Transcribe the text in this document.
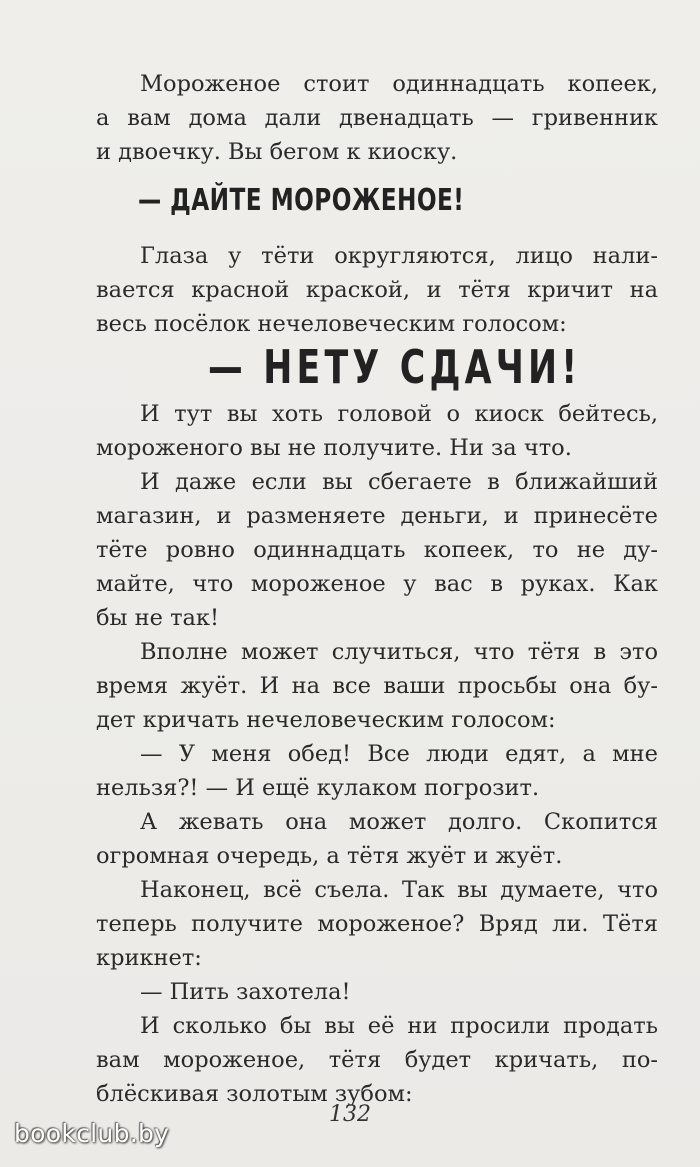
Мороженое стоит одиннадцать копеек,
а вам дома дали двенадцать — гривенник
и двоечку. Вы бегом к киоску.
Глаза у тёти округляются, лицо нали-
вается красной краской, и тётя кричит на
весь посёлок нечеловеческим голосом:
И тут вы хоть головой о киоск бейтесь,
мороженого вы не получите. Ни за что.
И даже если вы сбегаете в ближайший
магазин, и разменяете деньги, и принесёте
тёте ровно одиннадцать копеек, то не ду-
майте, что мороженое у вас в руках. Как
бы не так!
Вполне может случиться, что тётя в это
время жуёт. И на все ваши просьбы она бу-
дет кричать нечеловеческим голосом:
— У меня обед! Все люди едят, а мне
нельзя?! — И ещё кулаком погрозит.
А жевать она может долго. Скопится
огромная очередь, а тётя жуёт и жуёт.
Наконец, всё съела. Так вы думаете, что
теперь получите мороженое? Вряд ли. Тётя
крикнет:
— Пить захотела!
И сколько бы вы её ни просили продать
вам мороженое, тётя будет кричать, по-
блёскивая золотым зубом:
— ДАЙТЕ МОРОЖЕНОЕ!
— НЕТУ СДАЧИ!
132
bookclub.by
